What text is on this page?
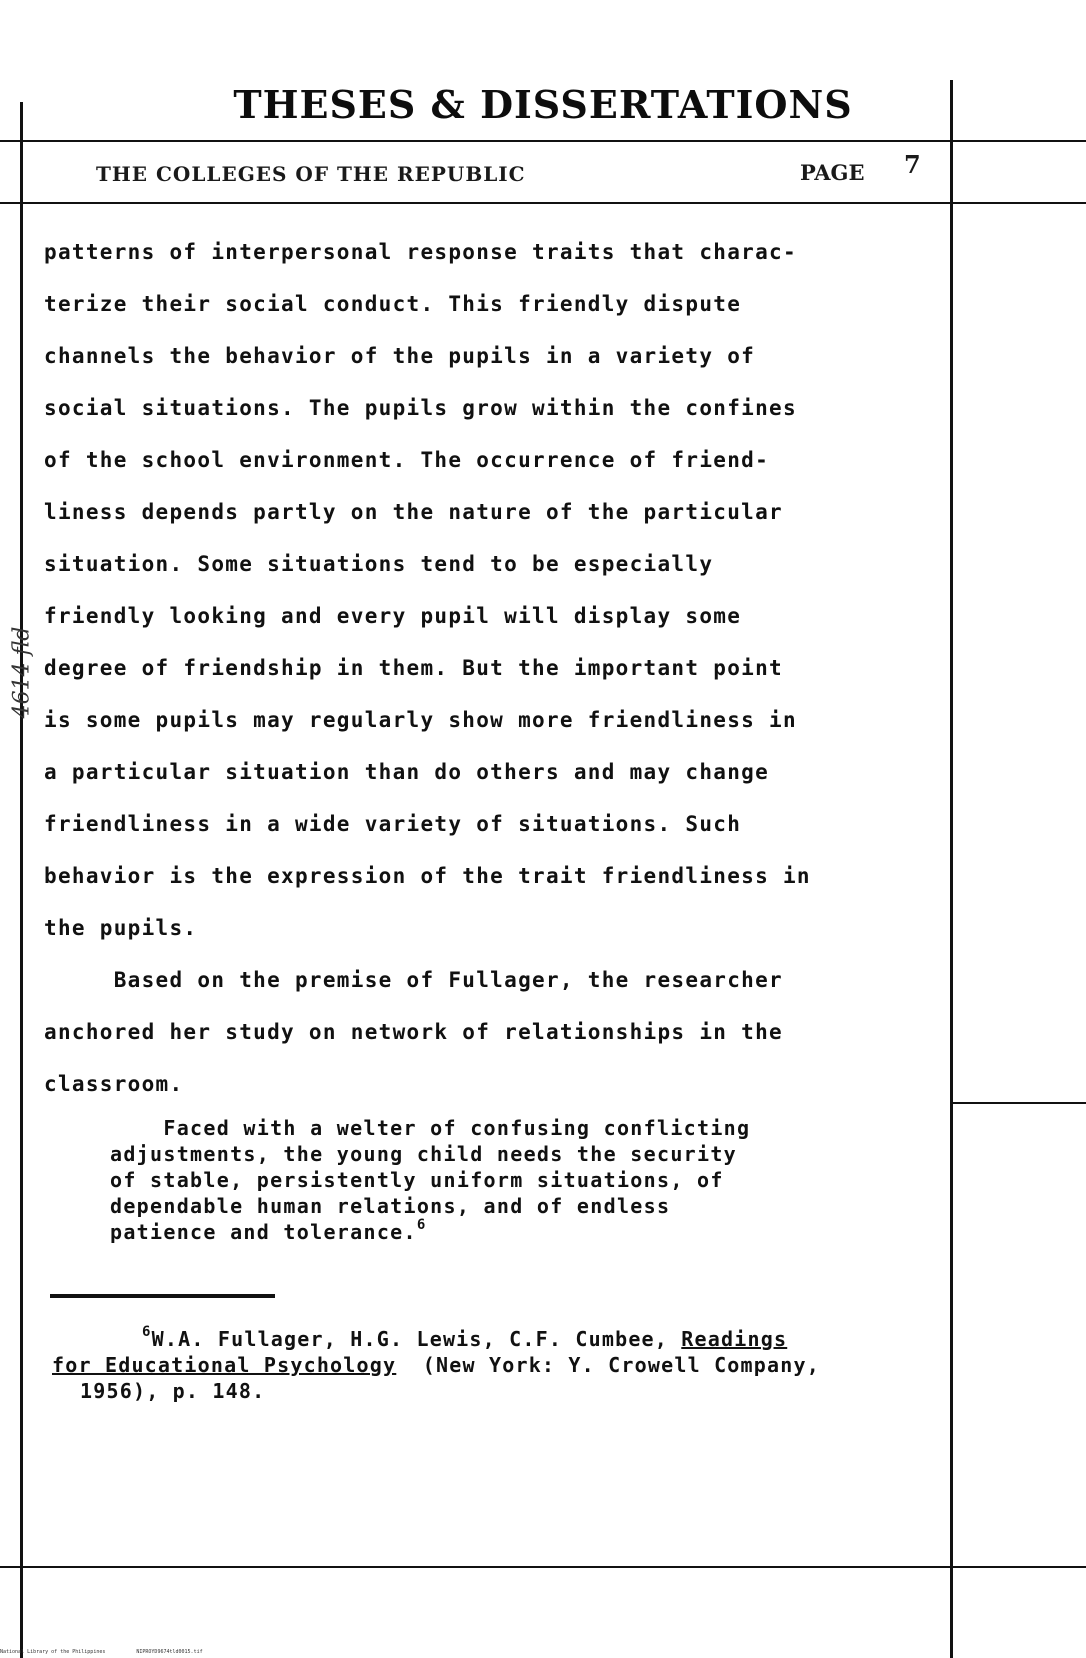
THESES & DISSERTATIONS
THE COLLEGES OF THE REPUBLIC	PAGE 7

patterns of interpersonal response traits that charac-

terize their social conduct. This friendly dispute

channels the behavior of the pupils in a variety of

social situations. The pupils grow within the confines

of the school environment. The occurrence of friend-

liness depends partly on the nature of the particular

situation. Some situations tend to be especially

friendly looking and every pupil will display some

degree of friendship in them. But the important point

is some pupils may regularly show more friendliness in

a particular situation than do others and may change

friendliness in a wide variety of situations. Such

behavior is the expression of the trait friendliness in

the pupils.

Based on the premise of Fullager, the researcher

anchored her study on network of relationships in the

classroom.

Faced with a welter of confusing conflicting

adjustments, the young child needs the security

of stable, persistently uniform situations, of

dependable human relations, and of endless

patience and tolerance.$^6$

$^6$W.A. Fullager, H.G. Lewis, C.F. Cumbee, Readings

for Educational Psychology  (New York: Y. Crowell Company,

1956), p. 148.

4614 fld
National Library of the Philippines	NIPROYD9674tld0015.tif
